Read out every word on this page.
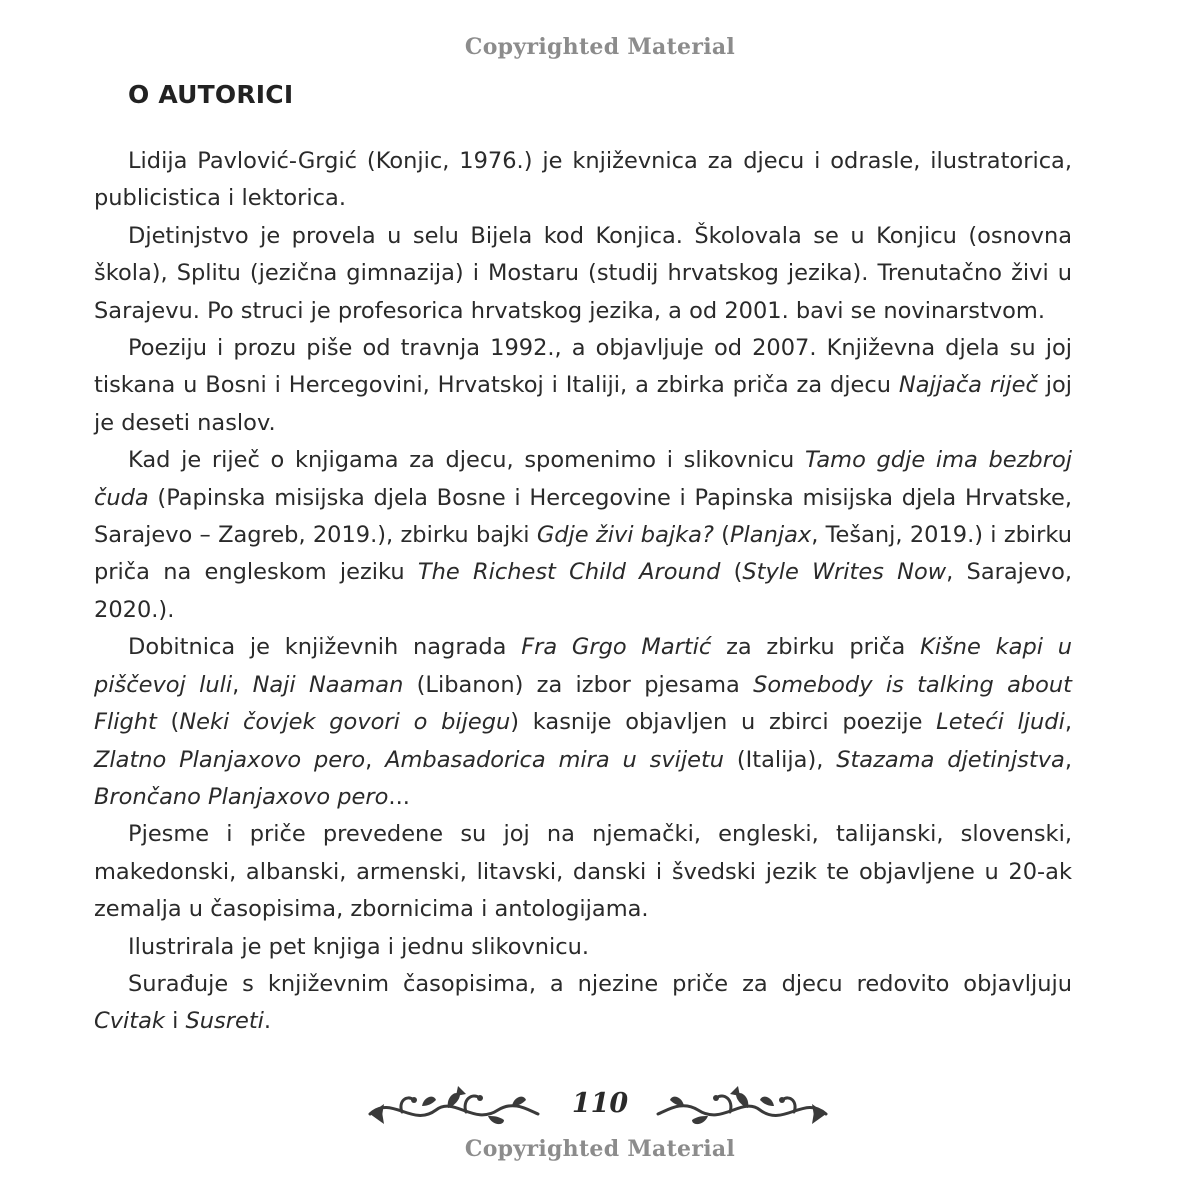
Copyrighted Material
O AUTORICI

Lidija Pavlović-Grgić (Konjic, 1976.) je književnica za djecu i odrasle, ilustratorica, publicistica i lektorica.

Djetinjstvo je provela u selu Bijela kod Konjica. Školovala se u Konjicu (osnovna škola), Splitu (jezična gimnazija) i Mostaru (studij hrvatskog jezika). Trenutačno živi u Sarajevu. Po struci je profesorica hrvatskog jezika, a od 2001. bavi se novinarstvom.

Poeziju i prozu piše od travnja 1992., a objavljuje od 2007. Književna djela su joj tiskana u Bosni i Hercegovini, Hrvatskoj i Italiji, a zbirka priča za djecu Najjača riječ joj je deseti naslov.

Kad je riječ o knjigama za djecu, spomenimo i slikovnicu Tamo gdje ima bezbroj čuda (Papinska misijska djela Bosne i Hercegovine i Papinska misijska djela Hrvatske, Sarajevo – Zagreb, 2019.), zbirku bajki Gdje živi bajka? (Planjax, Tešanj, 2019.) i zbirku priča na engleskom jeziku The Richest Child Around (Style Writes Now, Sarajevo, 2020.).

Dobitnica je književnih nagrada Fra Grgo Martić za zbirku priča Kišne kapi u piščevoj luli, Naji Naaman (Libanon) za izbor pjesama Somebody is talking about Flight (Neki čovjek govori o bijegu) kasnije objavljen u zbirci poezije Leteći ljudi, Zlatno Planjaxovo pero, Ambasadorica mira u svijetu (Italija), Stazama djetinjstva, Brončano Planjaxovo pero...

Pjesme i priče prevedene su joj na njemački, engleski, talijanski, slovenski, makedonski, albanski, armenski, litavski, danski i švedski jezik te objavljene u 20-ak zemalja u časopisima, zbornicima i antologijama.

Ilustrirala je pet knjiga i jednu slikovnicu.

Surađuje s književnim časopisima, a njezine priče za djecu redovito objavljuju Cvitak i Susreti.

110
Copyrighted Material
